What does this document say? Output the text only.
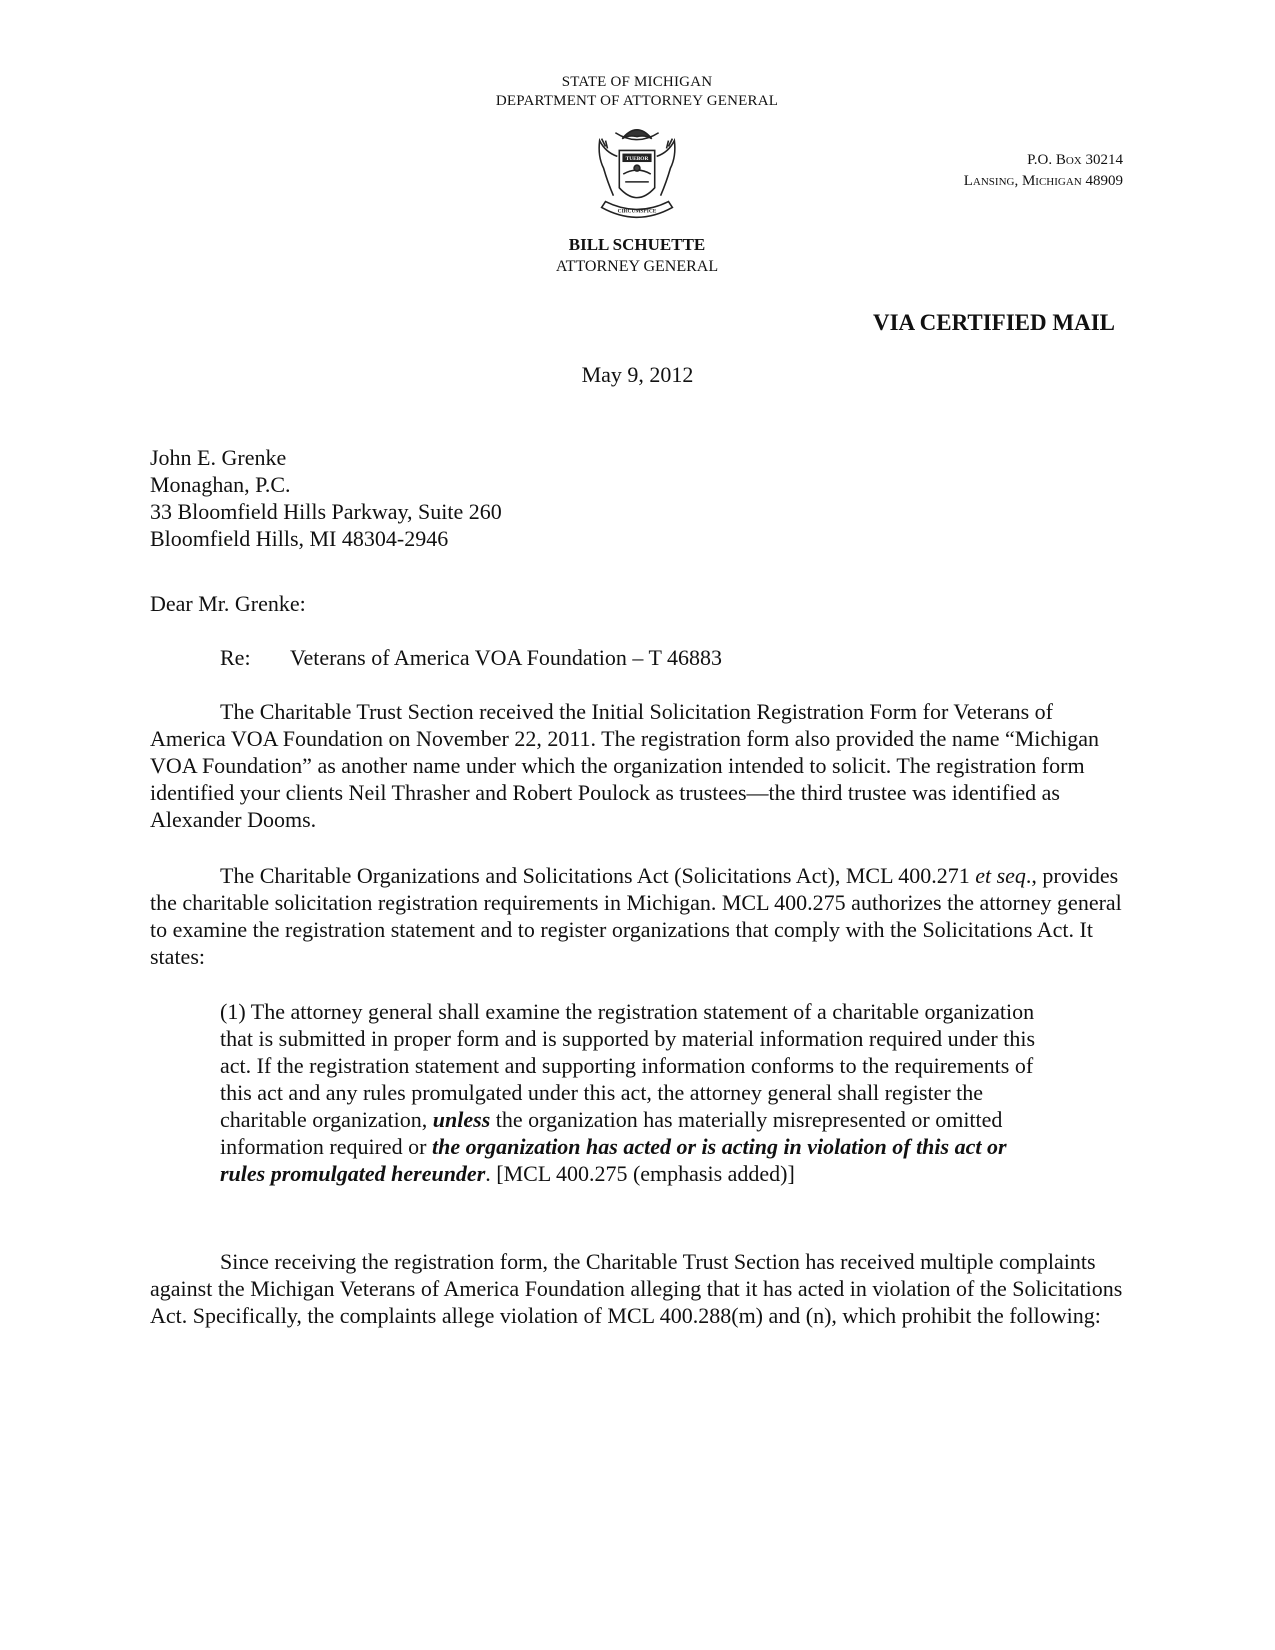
STATE OF MICHIGAN
DEPARTMENT OF ATTORNEY GENERAL
TUEBOR
CIRCUMSPICE
P.O. Box 30214
Lansing, Michigan 48909
BILL SCHUETTE
ATTORNEY GENERAL
VIA CERTIFIED MAIL
May 9, 2012
John E. Grenke
Monaghan, P.C.
33 Bloomfield Hills Parkway, Suite 260
Bloomfield Hills, MI 48304-2946
Dear Mr. Grenke:
Re: Veterans of America VOA Foundation – T 46883

The Charitable Trust Section received the Initial Solicitation Registration Form for Veterans of America VOA Foundation on November 22, 2011. The registration form also provided the name “Michigan VOA Foundation” as another name under which the organization intended to solicit. The registration form identified your clients Neil Thrasher and Robert Poulock as trustees—the third trustee was identified as Alexander Dooms.

The Charitable Organizations and Solicitations Act (Solicitations Act), MCL 400.271 et seq., provides the charitable solicitation registration requirements in Michigan. MCL 400.275 authorizes the attorney general to examine the registration statement and to register organizations that comply with the Solicitations Act. It states:

(1) The attorney general shall examine the registration statement of a charitable organization that is submitted in proper form and is supported by material information required under this act. If the registration statement and supporting information conforms to the requirements of this act and any rules promulgated under this act, the attorney general shall register the charitable organization, unless the organization has materially misrepresented or omitted information required or the organization has acted or is acting in violation of this act or rules promulgated hereunder. [MCL 400.275 (emphasis added)]

Since receiving the registration form, the Charitable Trust Section has received multiple complaints against the Michigan Veterans of America Foundation alleging that it has acted in violation of the Solicitations Act. Specifically, the complaints allege violation of MCL 400.288(m) and (n), which prohibit the following:
